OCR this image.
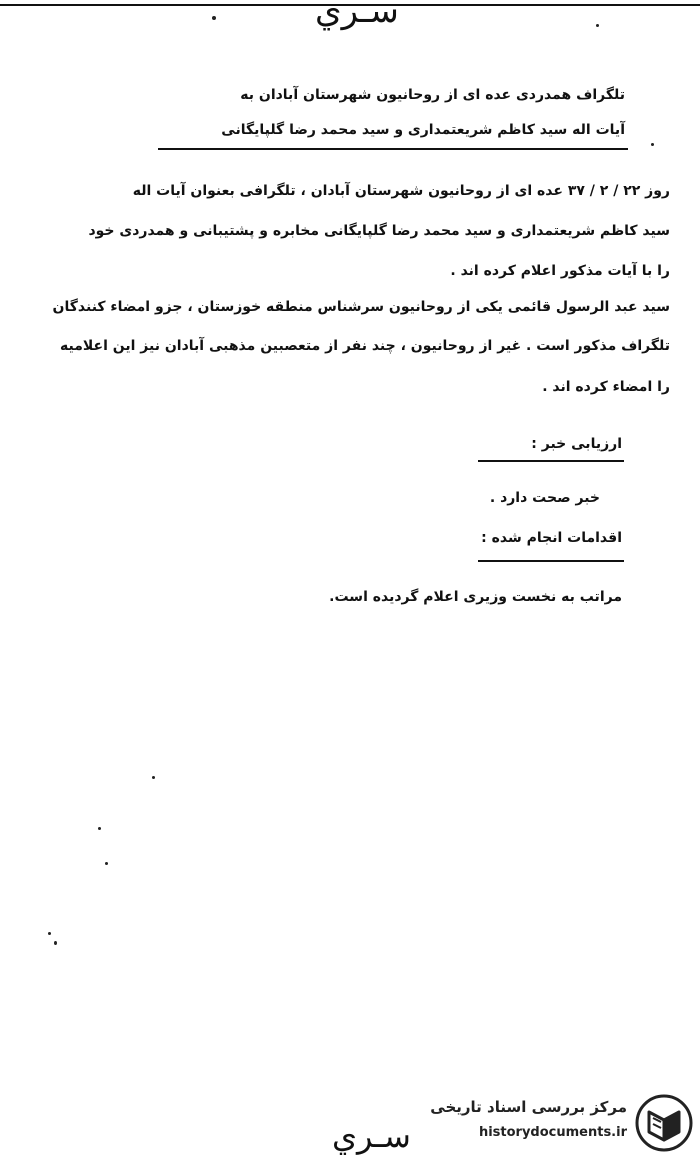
سـري
تلگراف همدردی عده ای از روحانیون شهرستان آبادان به
آیات اله سید کاظم شریعتمداری و سید محمد رضا گلپایگانی
روز ۲۲ / ۲ / ۳۷ عده ای از روحانیون شهرستان آبادان ، تلگرافی بعنوان آیات اله
سید کاظم شریعتمداری و سید محمد رضا گلپایگانی مخابره و پشتیبانی و همدردی خود
را با آیات مذکور اعلام کرده اند .
سید عبد الرسول قائمی یکی از روحانیون سرشناس منطقه خوزستان ، جزو امضاء کنندگان
تلگراف مذکور است . غیر از روحانیون ، چند نفر از متعصبین مذهبی آبادان نیز این اعلامیه
را امضاء کرده اند .
ارزیابی خبر :
خبر صحت دارد .
اقدامات انجام شده :
مراتب به نخست وزیری اعلام گردیده است.
سـري
مرکز بررسی اسناد تاریخی
historydocuments.ir
